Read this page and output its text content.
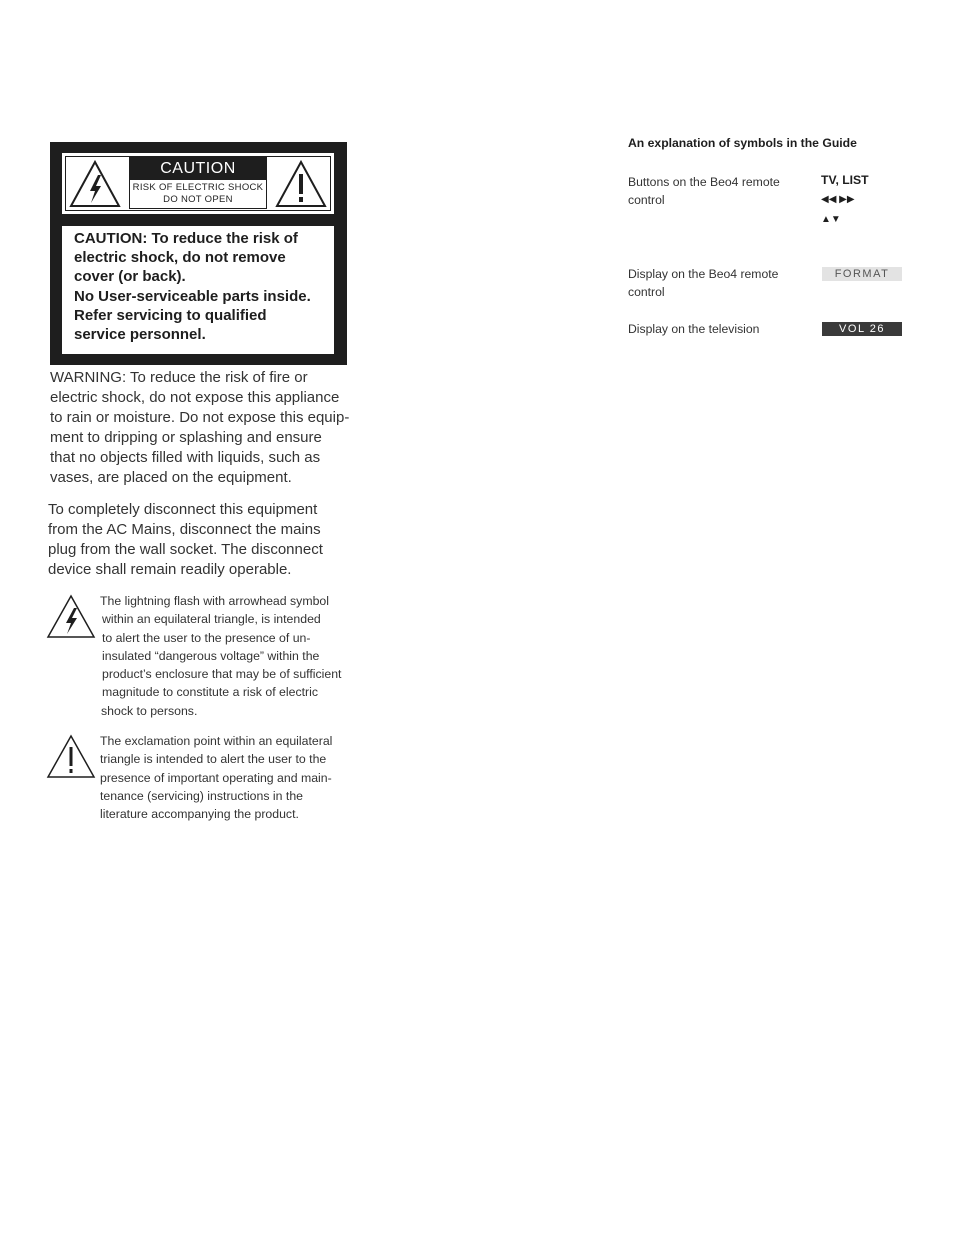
CAUTION
RISK OF ELECTRIC SHOCK
DO NOT OPEN
CAUTION: To reduce the risk of
electric shock, do not remove
cover (or back).
No User-serviceable parts inside.
Refer servicing to qualified
service personnel.
WARNING: To reduce the risk of fire or
electric shock, do not expose this appliance
to rain or moisture. Do not expose this equip-
ment to dripping or splashing and ensure
that no objects filled with liquids, such as
vases, are placed on the equipment.
To completely disconnect this equipment
from the AC Mains, disconnect the mains
plug from the wall socket. The disconnect
device shall remain readily operable.
The lightning flash with arrowhead symbol
within an equilateral triangle, is intended
to alert the user to the presence of un-
insulated “dangerous voltage” within the
product’s enclosure that may be of sufficient
magnitude to constitute a risk of electric
shock to persons.
The exclamation point within an equilateral
triangle is intended to alert the user to the
presence of important operating and main-
tenance (servicing) instructions in the
literature accompanying the product.
An explanation of symbols in the Guide
Buttons on the Beo4 remote
control
TV, LIST
◀◀ ▶▶
▲▼
Display on the Beo4 remote
control
FORMAT
Display on the television	VOL 26
